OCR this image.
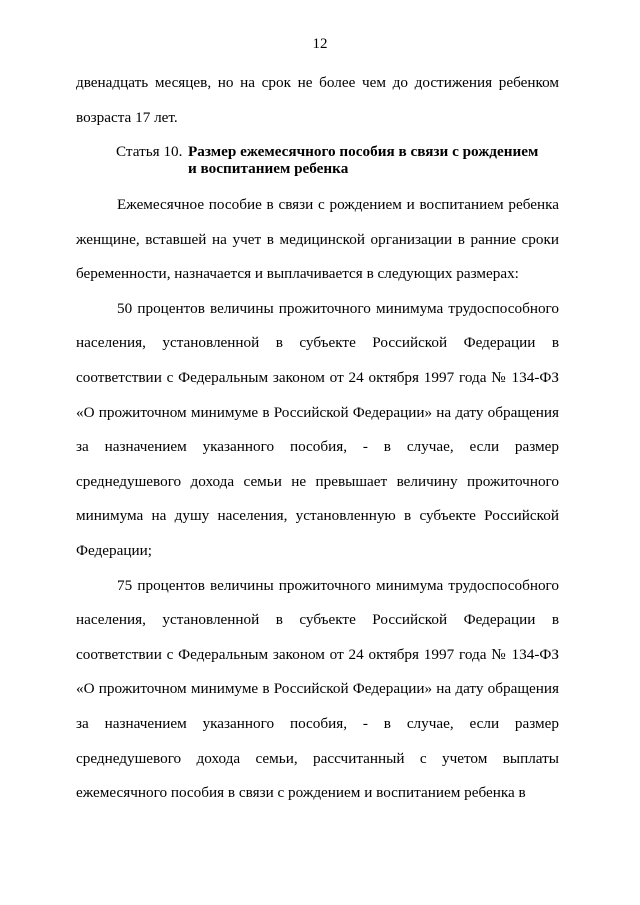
12

двенадцать месяцев, но на срок не более чем до достижения ребенком возраста 17 лет.

Статья 10. Размер ежемесячного пособия в связи с рождением и воспитанием ребенка

Ежемесячное пособие в связи с рождением и воспитанием ребенка женщине, вставшей на учет в медицинской организации в ранние сроки беременности, назначается и выплачивается в следующих размерах:

50 процентов величины прожиточного минимума трудоспособного населения, установленной в субъекте Российской Федерации в соответствии с Федеральным законом от 24 октября 1997 года № 134-ФЗ «О прожиточном минимуме в Российской Федерации» на дату обращения за назначением указанного пособия, - в случае, если размер среднедушевого дохода семьи не превышает величину прожиточного минимума на душу населения, установленную в субъекте Российской Федерации;

75 процентов величины прожиточного минимума трудоспособного населения, установленной в субъекте Российской Федерации в соответствии с Федеральным законом от 24 октября 1997 года № 134-ФЗ «О прожиточном минимуме в Российской Федерации» на дату обращения за назначением указанного пособия, - в случае, если размер среднедушевого дохода семьи, рассчитанный с учетом выплаты ежемесячного пособия в связи с рождением и воспитанием ребенка в
